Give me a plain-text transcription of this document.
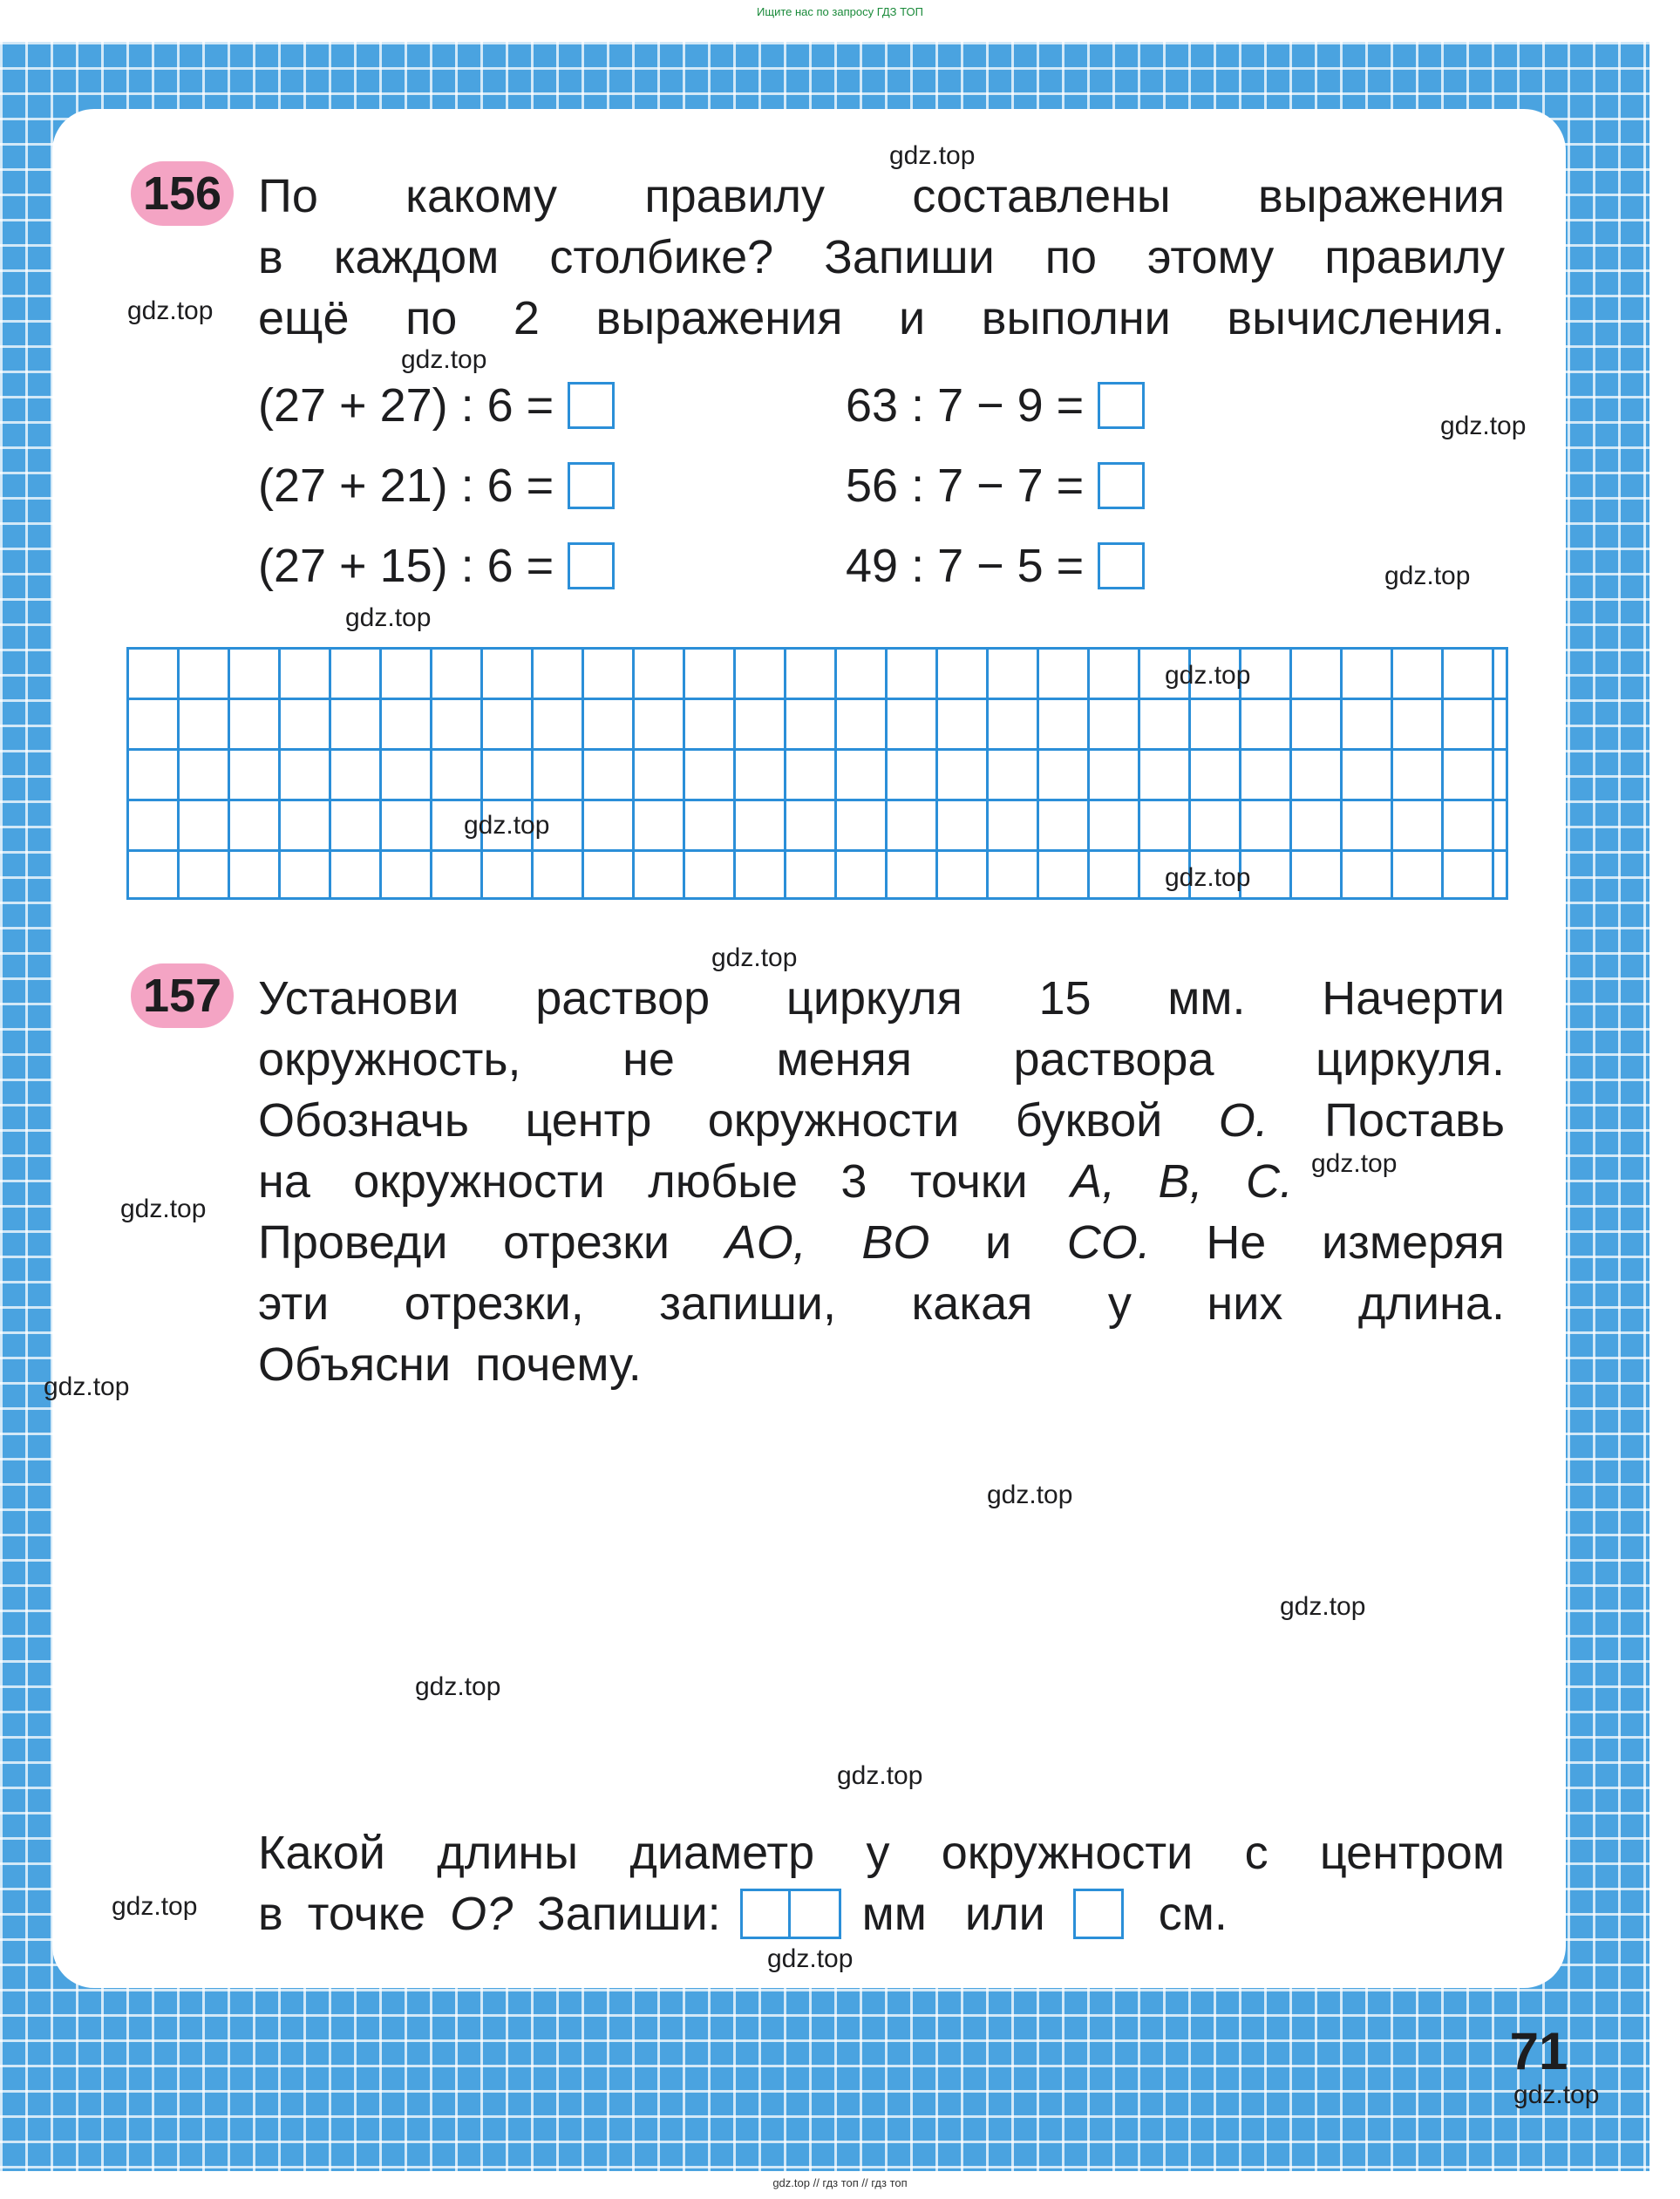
Ищите нас по запросу ГДЗ ТОП
156 По какому правилу составлены выражения
в каждом столбике? Запиши по этому правилу
ещё по 2 выражения и выполни вычисления.
(27 + 27) : 6 =
(27 + 21) : 6 =
(27 + 15) : 6 =
63 : 7 − 9 =
56 : 7 − 7 =
49 : 7 − 5 =
157 Установи раствор циркуля 15 мм. Начерти
окружность, не меняя раствора циркуля.
Обозначь центр окружности буквой O. Поставь
на окружности любые 3 точки A, B, C.
Проведи отрезки AO, BO и CO. Не измеряя
эти отрезки, запиши, какая у них длина.
Объясни почему.
Какой длины диаметр у окружности с центром
в точке O? Запиши:	мм или см.
71
gdz.top
gdz.top
gdz.top
gdz.top
gdz.top
gdz.top
gdz.top
gdz.top
gdz.top
gdz.top
gdz.top
gdz.top
gdz.top
gdz.top
gdz.top
gdz.top
gdz.top
gdz.top
gdz.top
gdz.top
gdz.top // гдз топ // гдз топ
